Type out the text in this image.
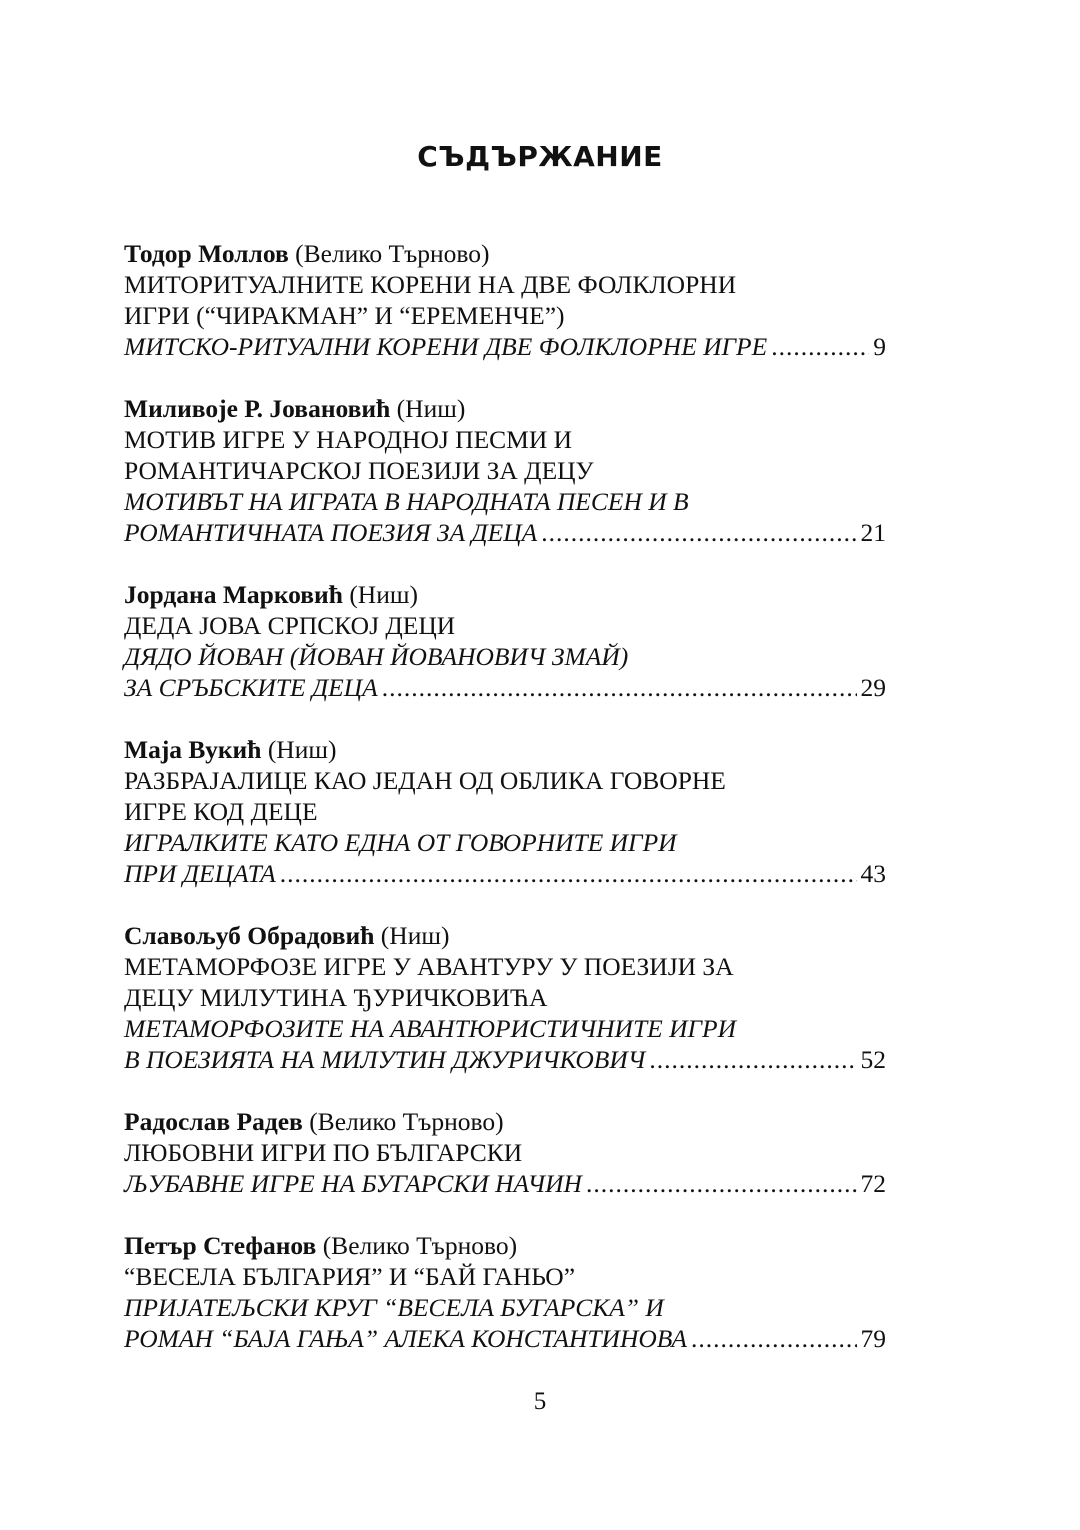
СЪДЪРЖАНИЕ
Тодор Моллов (Велико Търново)
МИТОРИТУАЛНИТЕ КОРЕНИ НА ДВЕ ФОЛКЛОРНИ
ИГРИ (“ЧИРАКМАН” И “ЕРЕМЕНЧЕ”)
МИТСКО-РИТУАЛНИ КОРЕНИ ДВЕ ФОЛКЛОРНЕ ИГРЕ .....	9
Миливоје Р. Јовановић (Ниш)
МОТИВ ИГРЕ У НАРОДНОЈ ПЕСМИ И
РОМАНТИЧАРСКОЈ ПОЕЗИЈИ ЗА ДЕЦУ
МОТИВЪТ НА ИГРАТА В НАРОДНАТА ПЕСЕН И В
РОМАНТИЧНАТА ПОЕЗИЯ ЗА ДЕЦА .....	21
Јордана Марковић (Ниш)
ДЕДА ЈОВА СРПСКОЈ ДЕЦИ
ДЯДО ЙОВАН (ЙОВАН ЙОВАНОВИЧ ЗМАЙ)
ЗА СРЪБСКИТЕ ДЕЦА .....	29
Маја Вукић (Ниш)
РАЗБРАЈАЛИЦЕ КАО ЈЕДАН ОД ОБЛИКА ГОВОРНЕ
ИГРЕ КОД ДЕЦЕ
ИГРАЛКИТЕ КАТО ЕДНА ОТ ГОВОРНИТЕ ИГРИ
ПРИ ДЕЦАТА .....	43
Славољуб Обрадовић (Ниш)
МЕТАМОРФОЗЕ ИГРЕ У АВАНТУРУ У ПОЕЗИЈИ ЗА
ДЕЦУ МИЛУТИНА ЂУРИЧКОВИЋА
МЕТАМОРФОЗИТЕ НА АВАНТЮРИСТИЧНИТЕ ИГРИ
В ПОЕЗИЯТА НА МИЛУТИН ДЖУРИЧКОВИЧ .....	52
Радослав Радев (Велико Търново)
ЛЮБОВНИ ИГРИ ПО БЪЛГАРСКИ
ЉУБАВНЕ ИГРЕ НА БУГАРСКИ НАЧИН .....	72
Петър Стефанов (Велико Търново)
“ВЕСЕЛА БЪЛГАРИЯ” И “БАЙ ГАНЬО”
ПРИЈАТЕЉСКИ КРУГ “ВЕСЕЛА БУГАРСКА” И
РОМАН “БАЈА ГАЊА” АЛЕКА КОНСТАНТИНОВА .....	79
5
